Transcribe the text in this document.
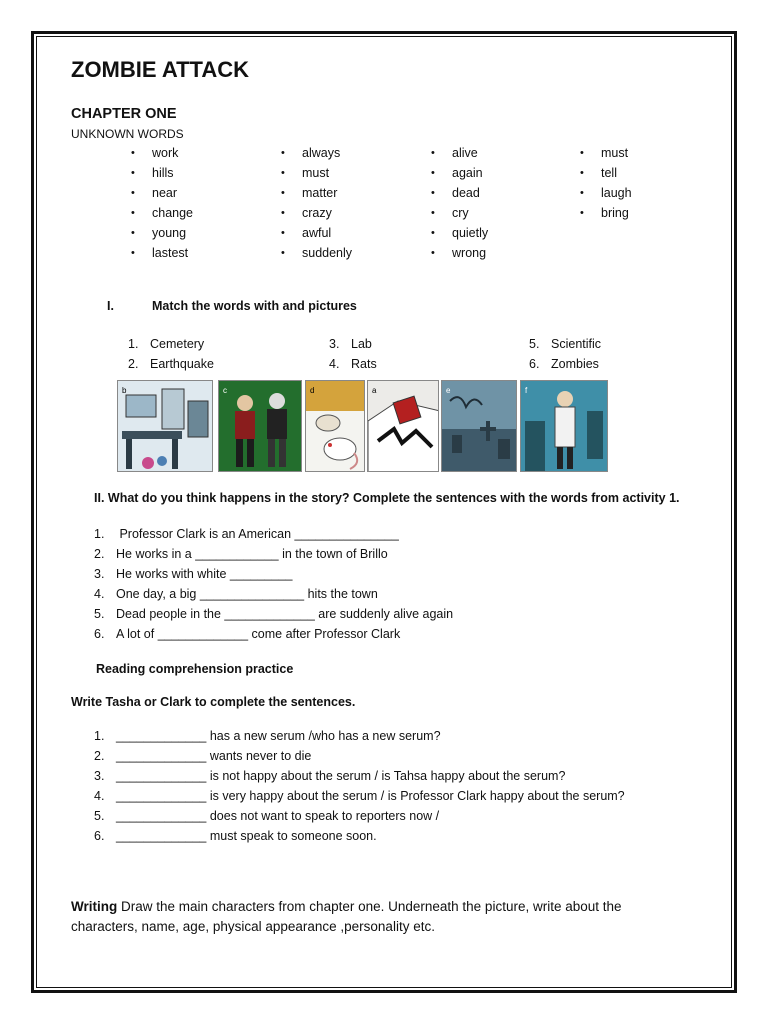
ZOMBIE ATTACK
CHAPTER ONE
UNKNOWN WORDS
• work
• hills
• near
• change
• young
• lastest
• always
• must
• matter
• crazy
• awful
• suddenly
• alive
• again
• dead
• cry
• quietly
• wrong
• must
• tell
• laugh
• bring
I.	Match the words with and pictures
1. Cemetery
2. Earthquake
3. Lab
4. Rats
5. Scientific
6. Zombies
b	c	d	a	e	f
II. What do you think happens in the story? Complete the sentences with the words from activity 1.
1. Professor Clark is an American _______________
2. He works in a ____________ in the town of Brillo
3. He works with white _________
4. One day, a big _______________ hits the town
5. Dead people in the _____________ are suddenly alive again
6. A lot of _____________ come after Professor Clark
Reading comprehension practice
Write Tasha or Clark to complete the sentences.
1. _____________ has a new serum /who has a new serum?
2. _____________ wants never to die
3. _____________ is not happy about the serum / is Tahsa happy about the serum?
4. _____________ is very happy about the serum / is Professor Clark happy about the serum?
5. _____________ does not want to speak to reporters now /
6. _____________ must speak to someone soon.
Writing Draw the main characters from chapter one. Underneath the picture, write about the characters, name, age, physical appearance ,personality etc.
